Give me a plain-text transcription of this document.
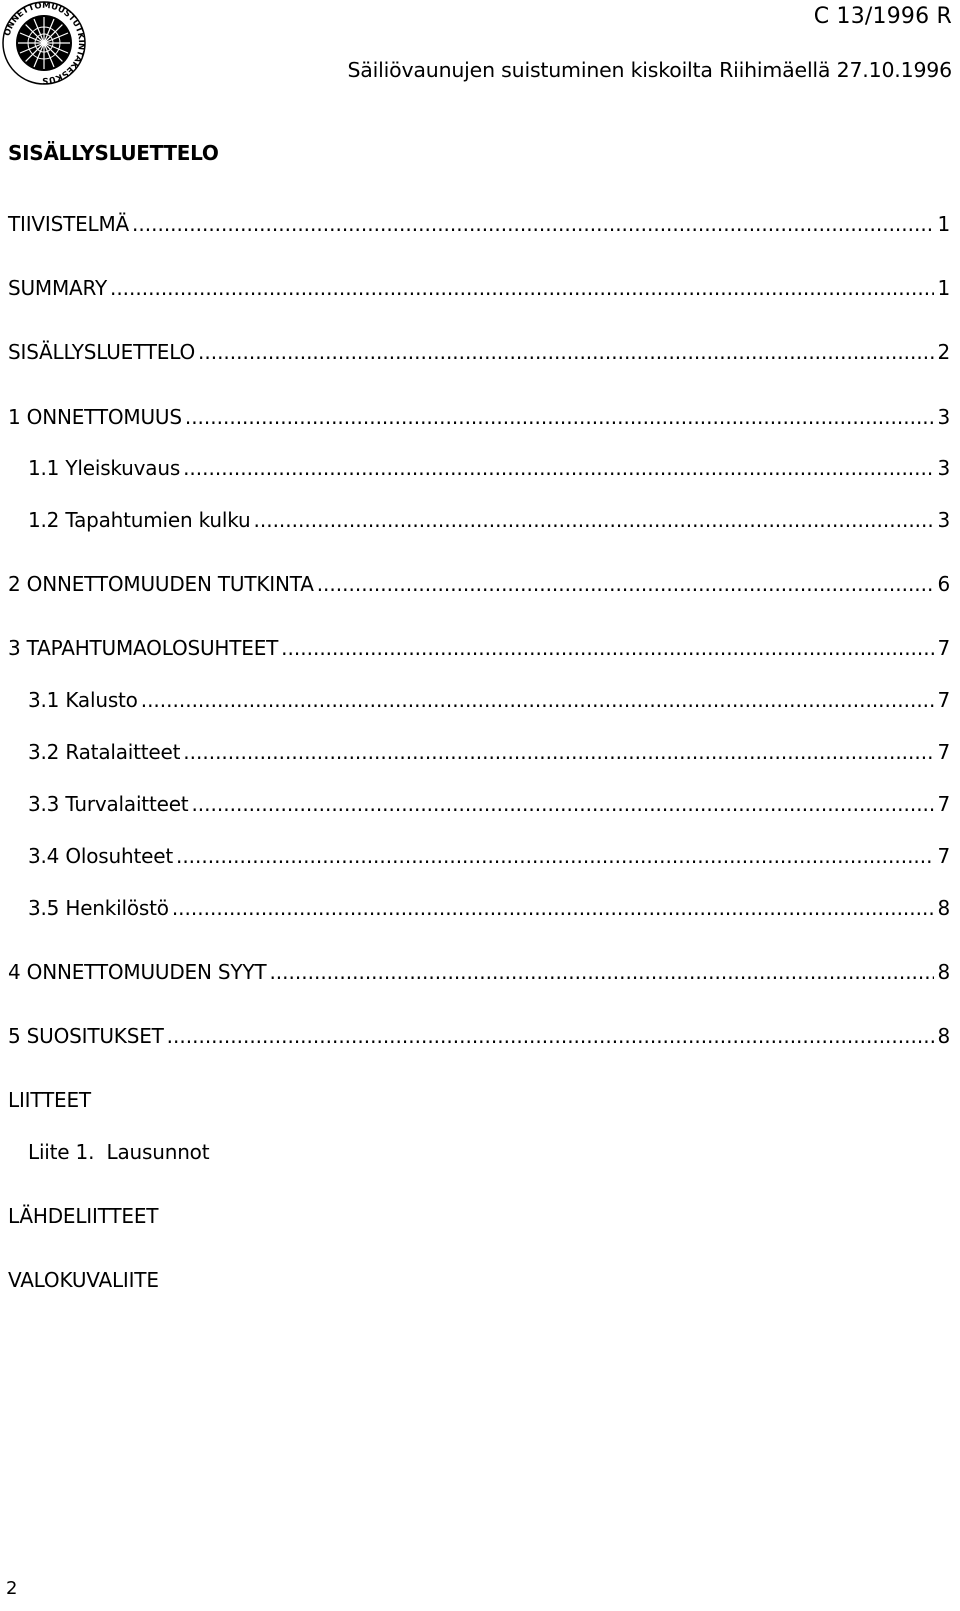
ONNETTOMUUSTUTKINTAKESKUS
C 13/1996 R
Säiliövaunujen suistuminen kiskoilta Riihimäellä 27.10.1996
SISÄLLYSLUETTELO
TIIVISTELMÄ .....	1
SUMMARY .....	1
SISÄLLYSLUETTELO .....	2
1 ONNETTOMUUS .....	3
1.1 Yleiskuvaus .....	3
1.2 Tapahtumien kulku .....	3
2 ONNETTOMUUDEN TUTKINTA .....	6
3 TAPAHTUMAOLOSUHTEET .....	7
3.1 Kalusto .....	7
3.2 Ratalaitteet .....	7
3.3 Turvalaitteet .....	7
3.4 Olosuhteet .....	7
3.5 Henkilöstö .....	8
4 ONNETTOMUUDEN SYYT .....	8
5 SUOSITUKSET .....	8
LIITTEET
Liite 1.  Lausunnot
LÄHDELIITTEET
VALOKUVALIITE
2
